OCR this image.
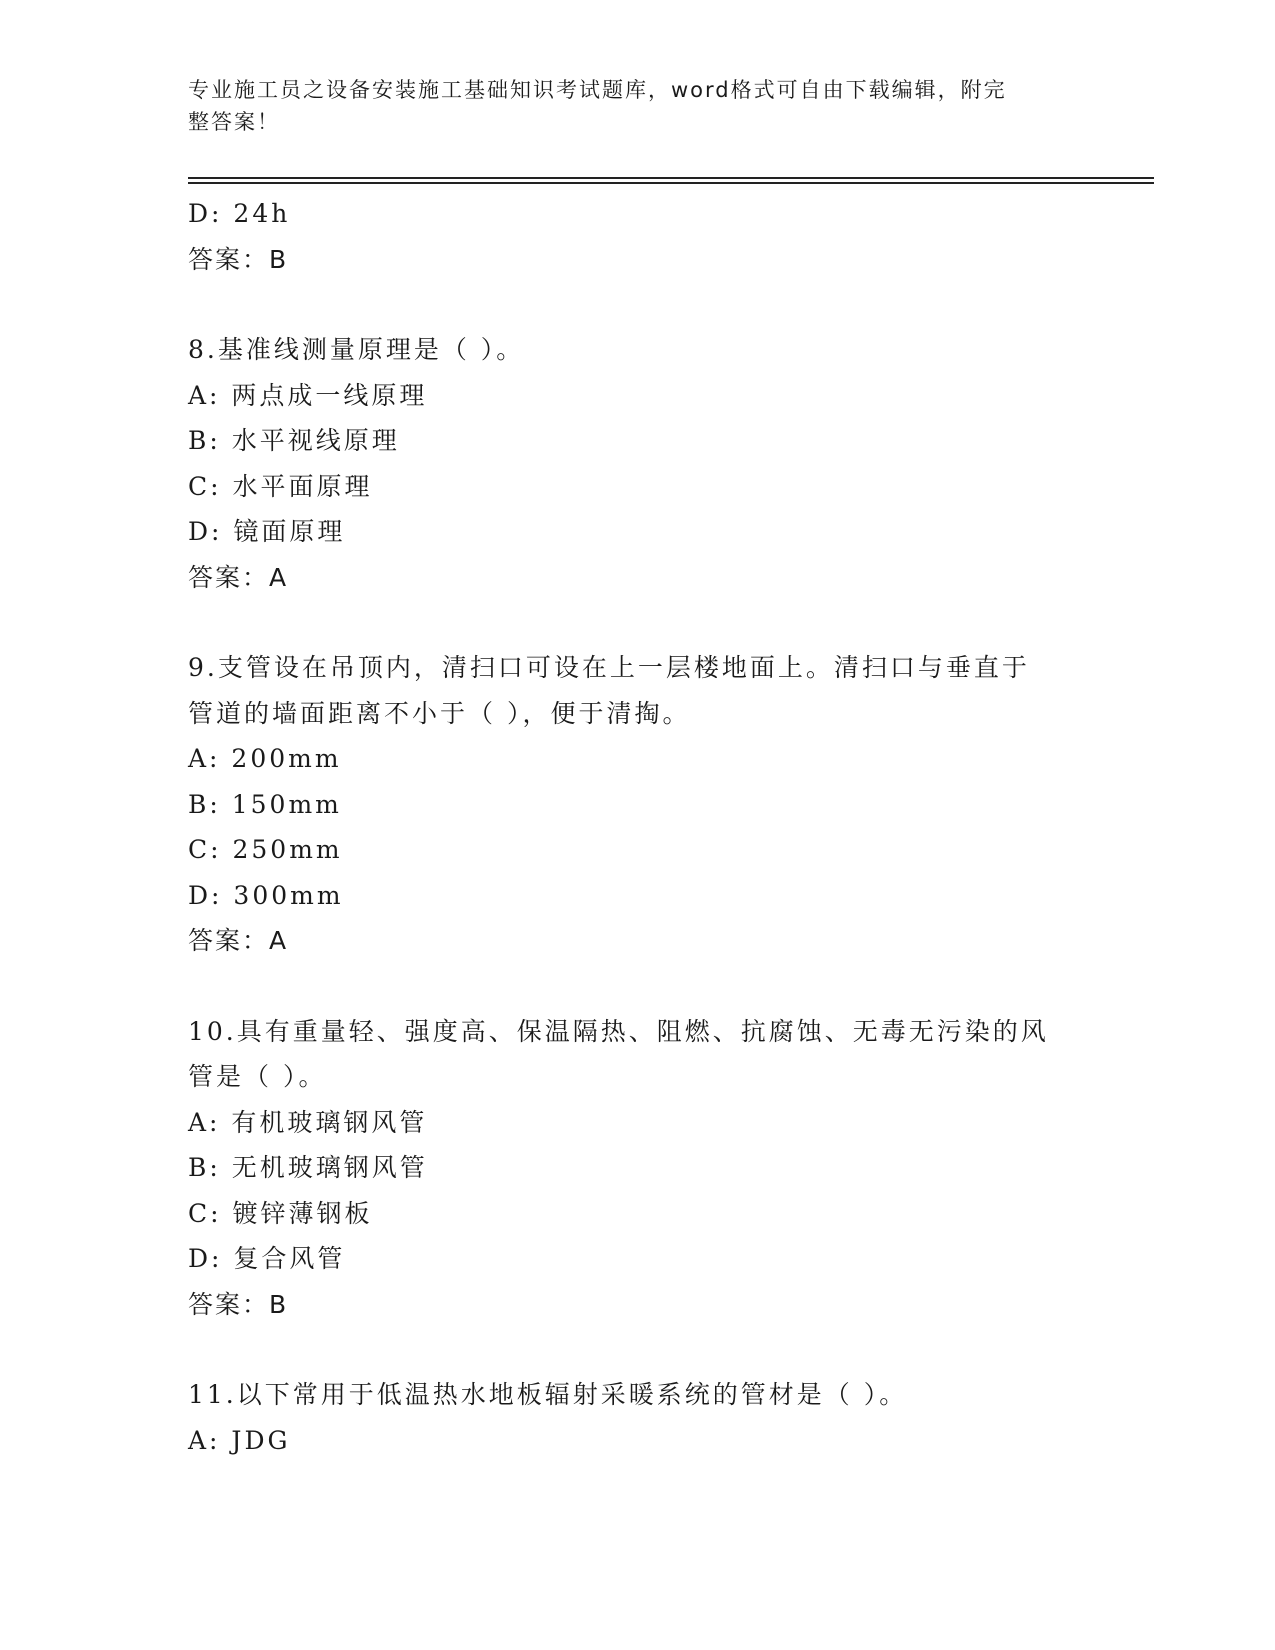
专业施工员之设备安装施工基础知识考试题库，word格式可自由下载编辑，附完
整答案！
D: 24h
答案：B
8.基准线测量原理是（ ）。
A: 两点成一线原理
B: 水平视线原理
C: 水平面原理
D: 镜面原理
答案：A
9.支管设在吊顶内，清扫口可设在上一层楼地面上。清扫口与垂直于
管道的墙面距离不小于（ ），便于清掏。
A: 200mm
B: 150mm
C: 250mm
D: 300mm
答案：A
10.具有重量轻、强度高、保温隔热、阻燃、抗腐蚀、无毒无污染的风
管是（ ）。
A: 有机玻璃钢风管
B: 无机玻璃钢风管
C: 镀锌薄钢板
D: 复合风管
答案：B
11.以下常用于低温热水地板辐射采暖系统的管材是（ ）。
A: JDG
